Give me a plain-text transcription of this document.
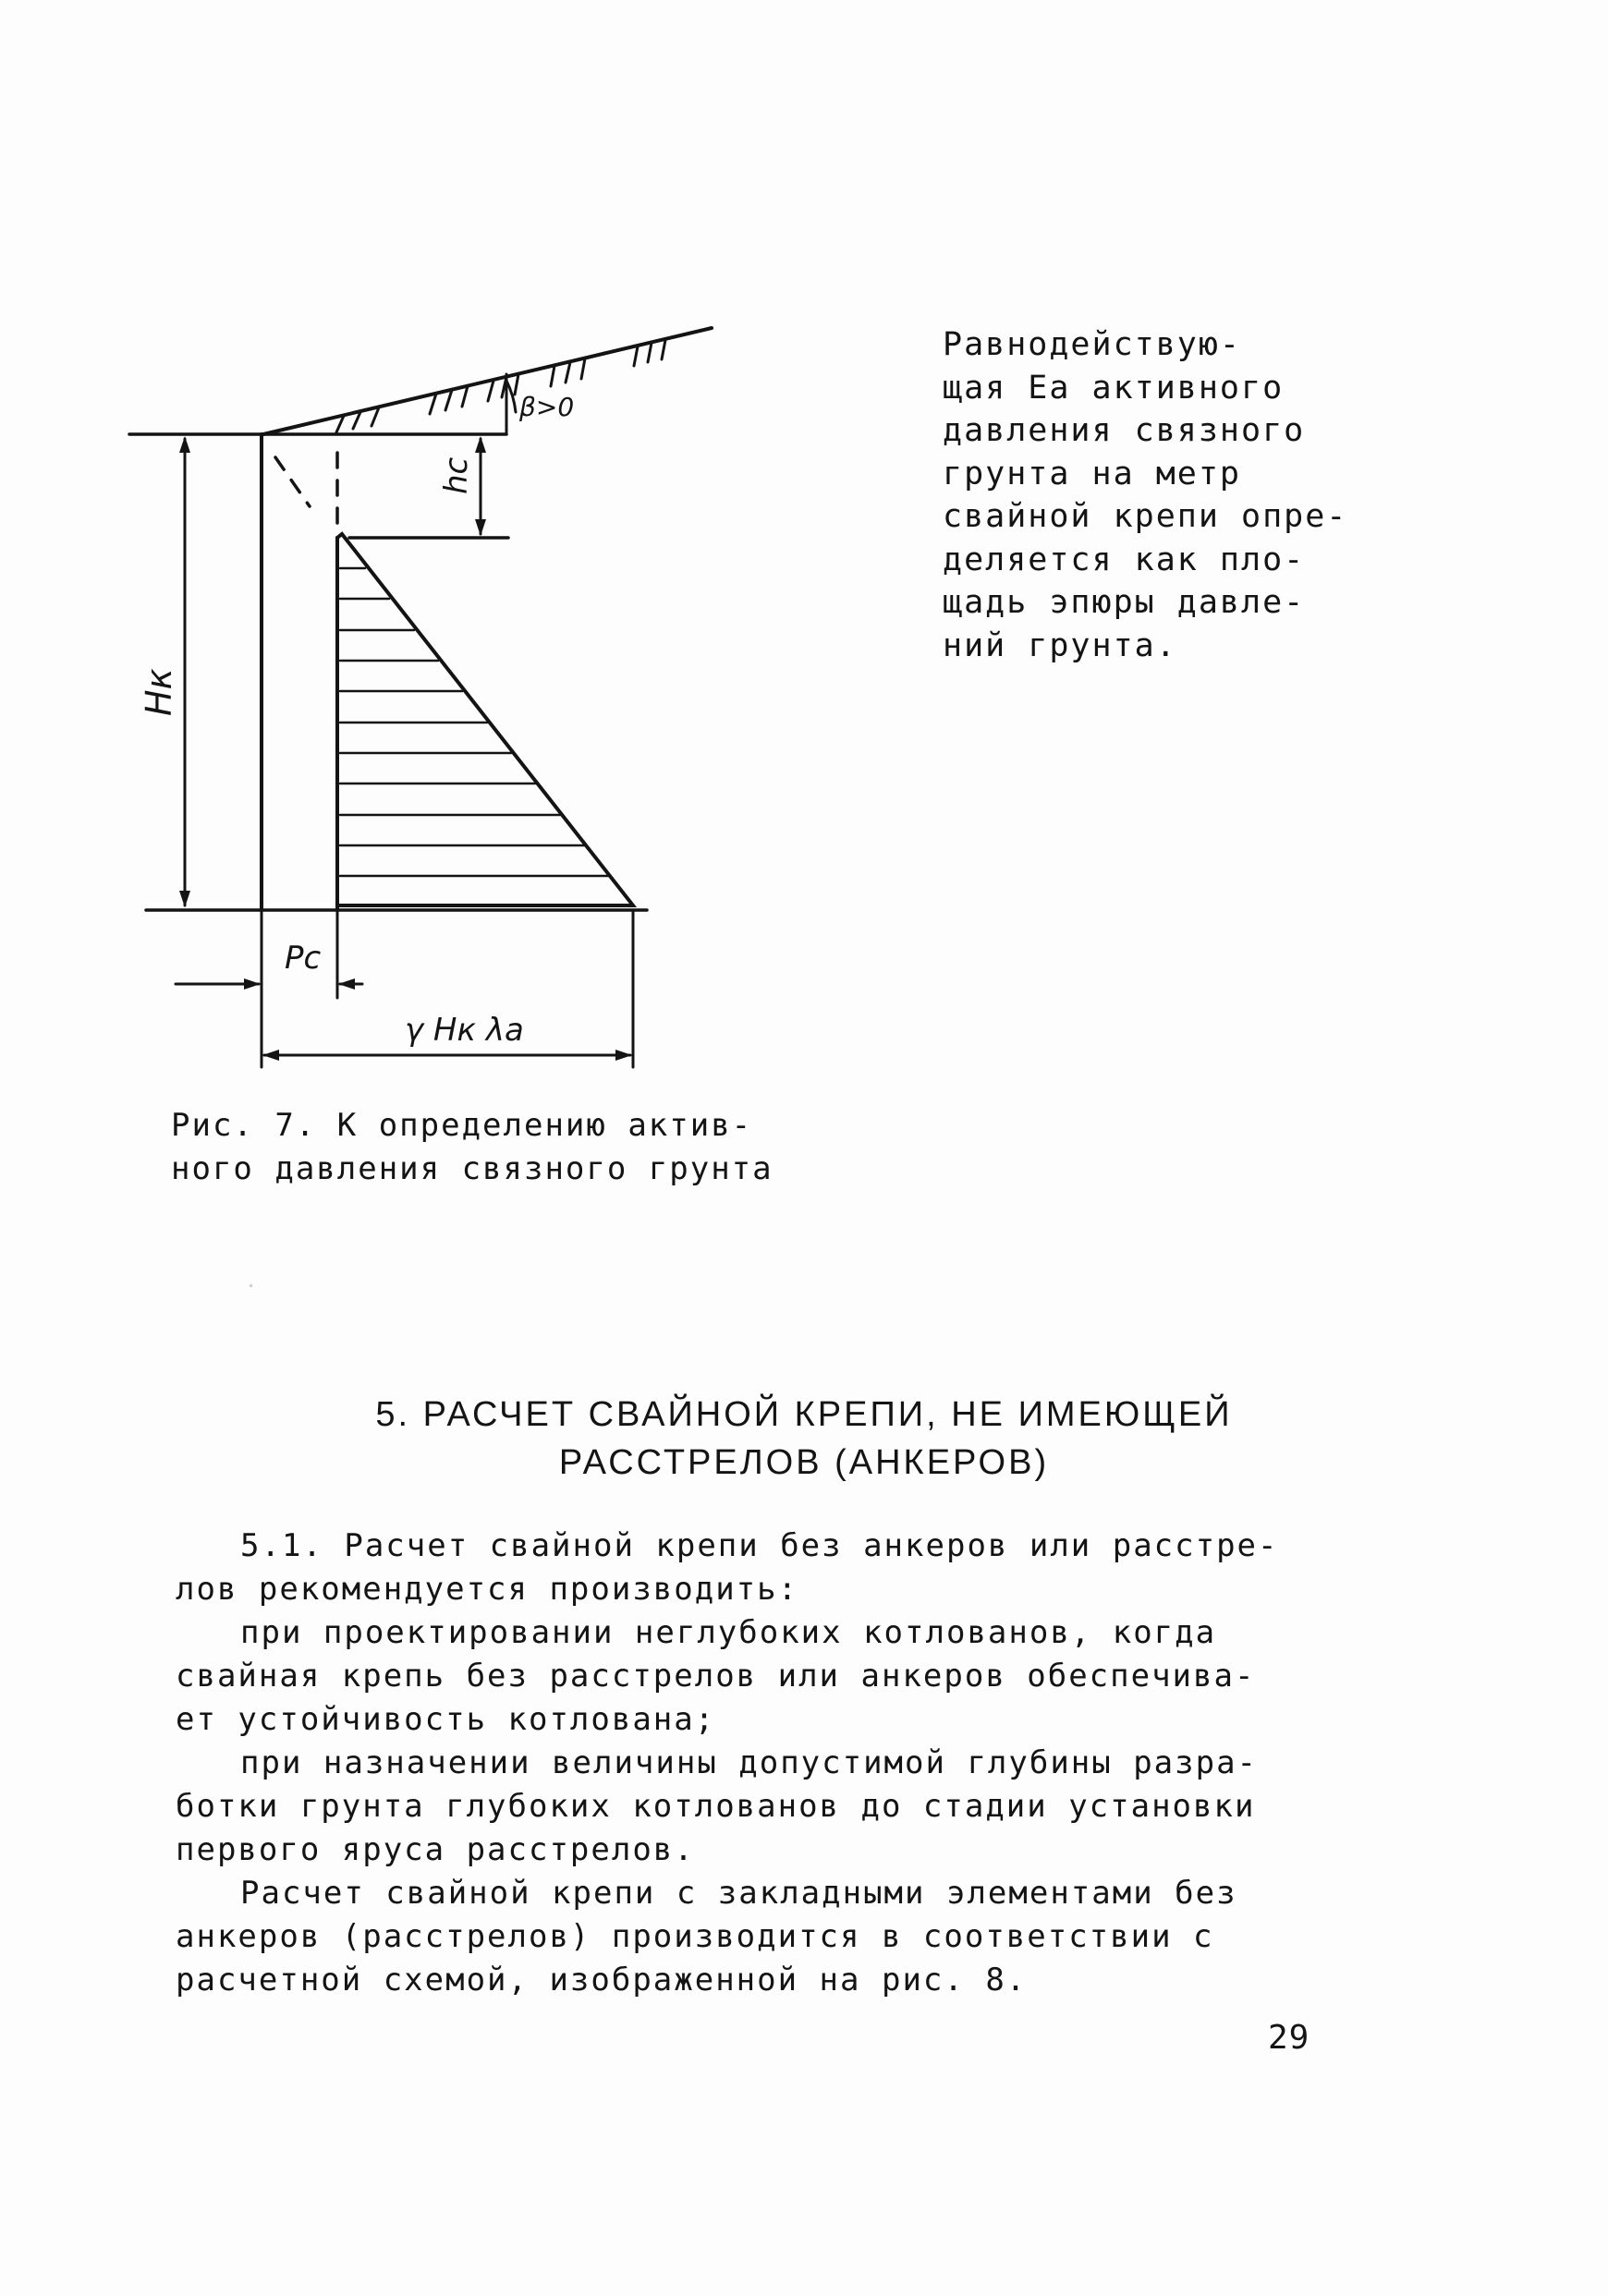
β>0
hc
Hк
Pc
γ Hк λa
Равнодействую-
щая Eа активного
давления связного
грунта на метр
свайной крепи опре-
деляется как пло-
щадь эпюры давле-
ний грунта.
Рис. 7. К определению актив-
ного давления связного грунта
5. РАСЧЕТ СВАЙНОЙ КРЕПИ, НЕ ИМЕЮЩЕЙ
РАССТРЕЛОВ (АНКЕРОВ)
5.1. Расчет свайной крепи без анкеров или расстре-
лов рекомендуется производить:
при проектировании неглубоких котлованов, когда
свайная крепь без расстрелов или анкеров обеспечива-
ет устойчивость котлована;
при назначении величины допустимой глубины разра-
ботки грунта глубоких котлованов до стадии установки
первого яруса расстрелов.
Расчет свайной крепи с закладными элементами без
анкеров (расстрелов) производится в соответствии с
расчетной схемой, изображенной на рис. 8.
29
